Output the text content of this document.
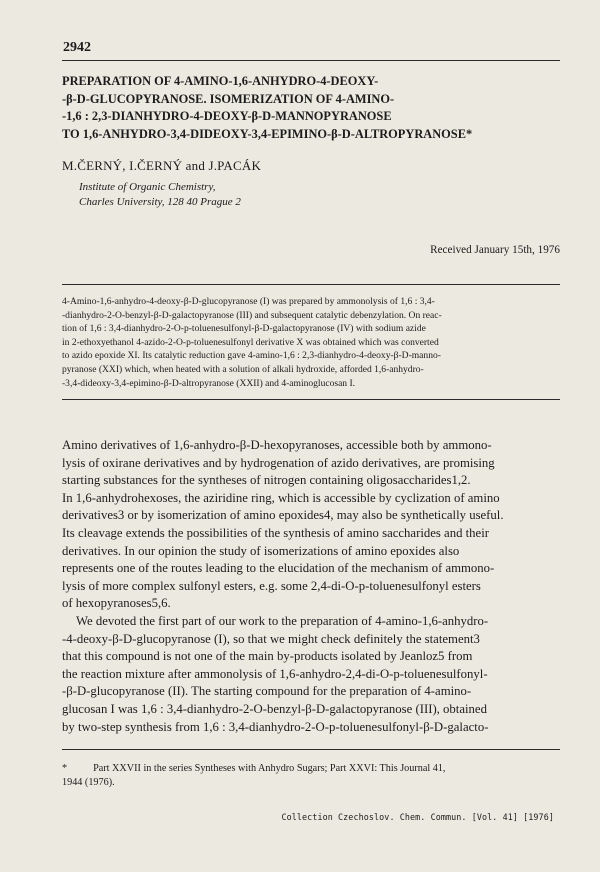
2942
PREPARATION OF 4-AMINO-1,6-ANHYDRO-4-DEOXY-
-β-D-GLUCOPYRANOSE. ISOMERIZATION OF 4-AMINO-
-1,6 : 2,3-DIANHYDRO-4-DEOXY-β-D-MANNOPYRANOSE
TO 1,6-ANHYDRO-3,4-DIDEOXY-3,4-EPIMINO-β-D-ALTROPYRANOSE*
M.ČERNÝ, I.ČERNÝ and J.PACÁK
Institute of Organic Chemistry,
Charles University, 128 40 Prague 2
Received January 15th, 1976
4-Amino-1,6-anhydro-4-deoxy-β-D-glucopyranose (I) was prepared by ammonolysis of 1,6 : 3,4-
-dianhydro-2-O-benzyl-β-D-galactopyranose (III) and subsequent catalytic debenzylation. On reac-
tion of 1,6 : 3,4-dianhydro-2-O-p-toluenesulfonyl-β-D-galactopyranose (IV) with sodium azide
in 2-ethoxyethanol 4-azido-2-O-p-toluenesulfonyl derivative X was obtained which was converted
to azido epoxide XI. Its catalytic reduction gave 4-amino-1,6 : 2,3-dianhydro-4-deoxy-β-D-manno-
pyranose (XXI) which, when heated with a solution of alkali hydroxide, afforded 1,6-anhydro-
-3,4-dideoxy-3,4-epimino-β-D-altropyranose (XXII) and 4-aminoglucosan I.
Amino derivatives of 1,6-anhydro-β-D-hexopyranoses, accessible both by ammono-
lysis of oxirane derivatives and by hydrogenation of azido derivatives, are promising
starting substances for the syntheses of nitrogen containing oligosaccharides1,2.
In 1,6-anhydrohexoses, the aziridine ring, which is accessible by cyclization of amino
derivatives3 or by isomerization of amino epoxides4, may also be synthetically useful.
Its cleavage extends the possibilities of the synthesis of amino saccharides and their
derivatives. In our opinion the study of isomerizations of amino epoxides also
represents one of the routes leading to the elucidation of the mechanism of ammono-
lysis of more complex sulfonyl esters, e.g. some 2,4-di-O-p-toluenesulfonyl esters
of hexopyranoses5,6.
We devoted the first part of our work to the preparation of 4-amino-1,6-anhydro-
-4-deoxy-β-D-glucopyranose (I), so that we might check definitely the statement3
that this compound is not one of the main by-products isolated by Jeanloz5 from
the reaction mixture after ammonolysis of 1,6-anhydro-2,4-di-O-p-toluenesulfonyl-
-β-D-glucopyranose (II). The starting compound for the preparation of 4-amino-
glucosan I was 1,6 : 3,4-dianhydro-2-O-benzyl-β-D-galactopyranose (III), obtained
by two-step synthesis from 1,6 : 3,4-dianhydro-2-O-p-toluenesulfonyl-β-D-galacto-
*	Part XXVII in the series Syntheses with Anhydro Sugars; Part XXVI: This Journal 41,
1944 (1976).
Collection Czechoslov. Chem. Commun. [Vol. 41] [1976]
